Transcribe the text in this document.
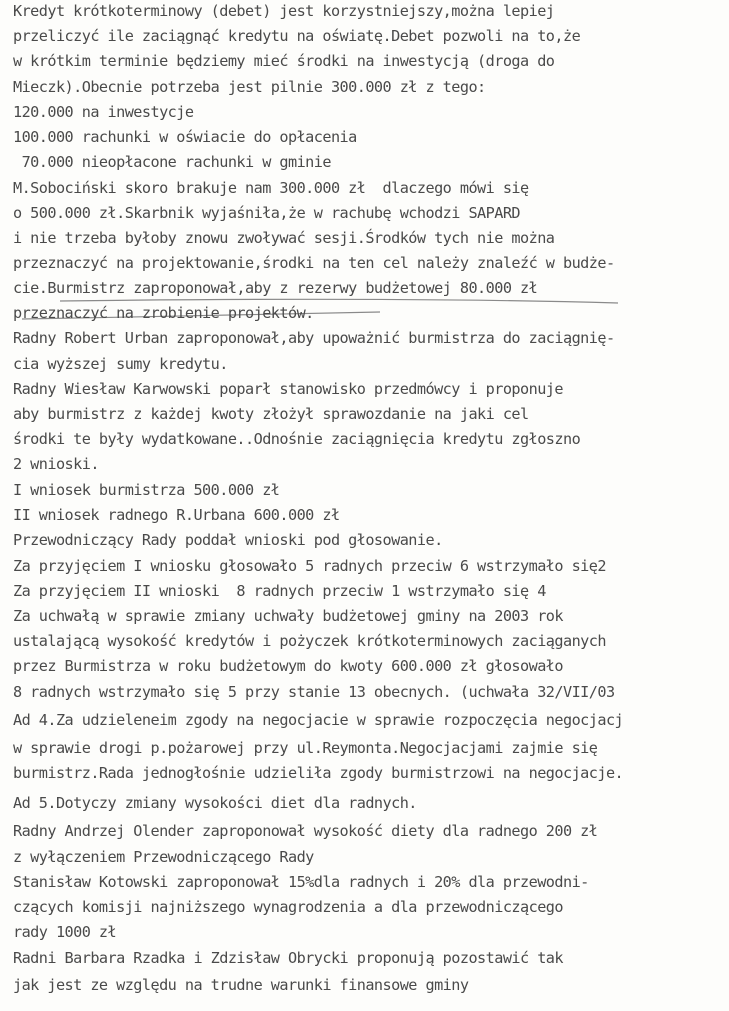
Kredyt krótkoterminowy (debet) jest korzystniejszy,można lepiej
przeliczyć ile zaciągnąć kredytu na oświatę.Debet pozwoli na to,że
w krótkim terminie będziemy mieć środki na inwestycją (droga do
Mieczk).Obecnie potrzeba jest pilnie 300.000 zł z tego:
120.000 na inwestycje
100.000 rachunki w oświacie do opłacenia
70.000 nieopłacone rachunki w gminie
M.Sobociński skoro brakuje nam 300.000 zł  dlaczego mówi się
o 500.000 zł.Skarbnik wyjaśniła,że w rachubę wchodzi SAPARD
i nie trzeba byłoby znowu zwoływać sesji.Środków tych nie można
przeznaczyć na projektowanie,środki na ten cel należy znaleźć w budże-
cie.Burmistrz zaproponował,aby z rezerwy budżetowej 80.000 zł
przeznaczyć na zrobienie projektów.
Radny Robert Urban zaproponował,aby upoważnić burmistrza do zaciągnię-
cia wyższej sumy kredytu.
Radny Wiesław Karwowski poparł stanowisko przedmówcy i proponuje
aby burmistrz z każdej kwoty złożył sprawozdanie na jaki cel
środki te były wydatkowane..Odnośnie zaciągnięcia kredytu zgłoszno
2 wnioski.
I wniosek burmistrza 500.000 zł
II wniosek radnego R.Urbana 600.000 zł
Przewodniczący Rady poddał wnioski pod głosowanie.
Za przyjęciem I wniosku głosowało 5 radnych przeciw 6 wstrzymało się2
Za przyjęciem II wnioski  8 radnych przeciw 1 wstrzymało się 4
Za uchwałą w sprawie zmiany uchwały budżetowej gminy na 2003 rok
ustalającą wysokość kredytów i pożyczek krótkoterminowych zaciąganych
przez Burmistrza w roku budżetowym do kwoty 600.000 zł głosowało
8 radnych wstrzymało się 5 przy stanie 13 obecnych. (uchwała 32/VII/03
Ad 4.Za udzieleneim zgody na negocjacie w sprawie rozpoczęcia negocjacj
w sprawie drogi p.pożarowej przy ul.Reymonta.Negocjacjami zajmie się
burmistrz.Rada jednogłośnie udzieliła zgody burmistrzowi na negocjacje.
Ad 5.Dotyczy zmiany wysokości diet dla radnych.
Radny Andrzej Olender zaproponował wysokość diety dla radnego 200 zł
z wyłączeniem Przewodniczącego Rady
Stanisław Kotowski zaproponował 15%dla radnych i 20% dla przewodni-
czących komisji najniższego wynagrodzenia a dla przewodniczącego
rady 1000 zł
Radni Barbara Rzadka i Zdzisław Obrycki proponują pozostawić tak
jak jest ze względu na trudne warunki finansowe gminy
